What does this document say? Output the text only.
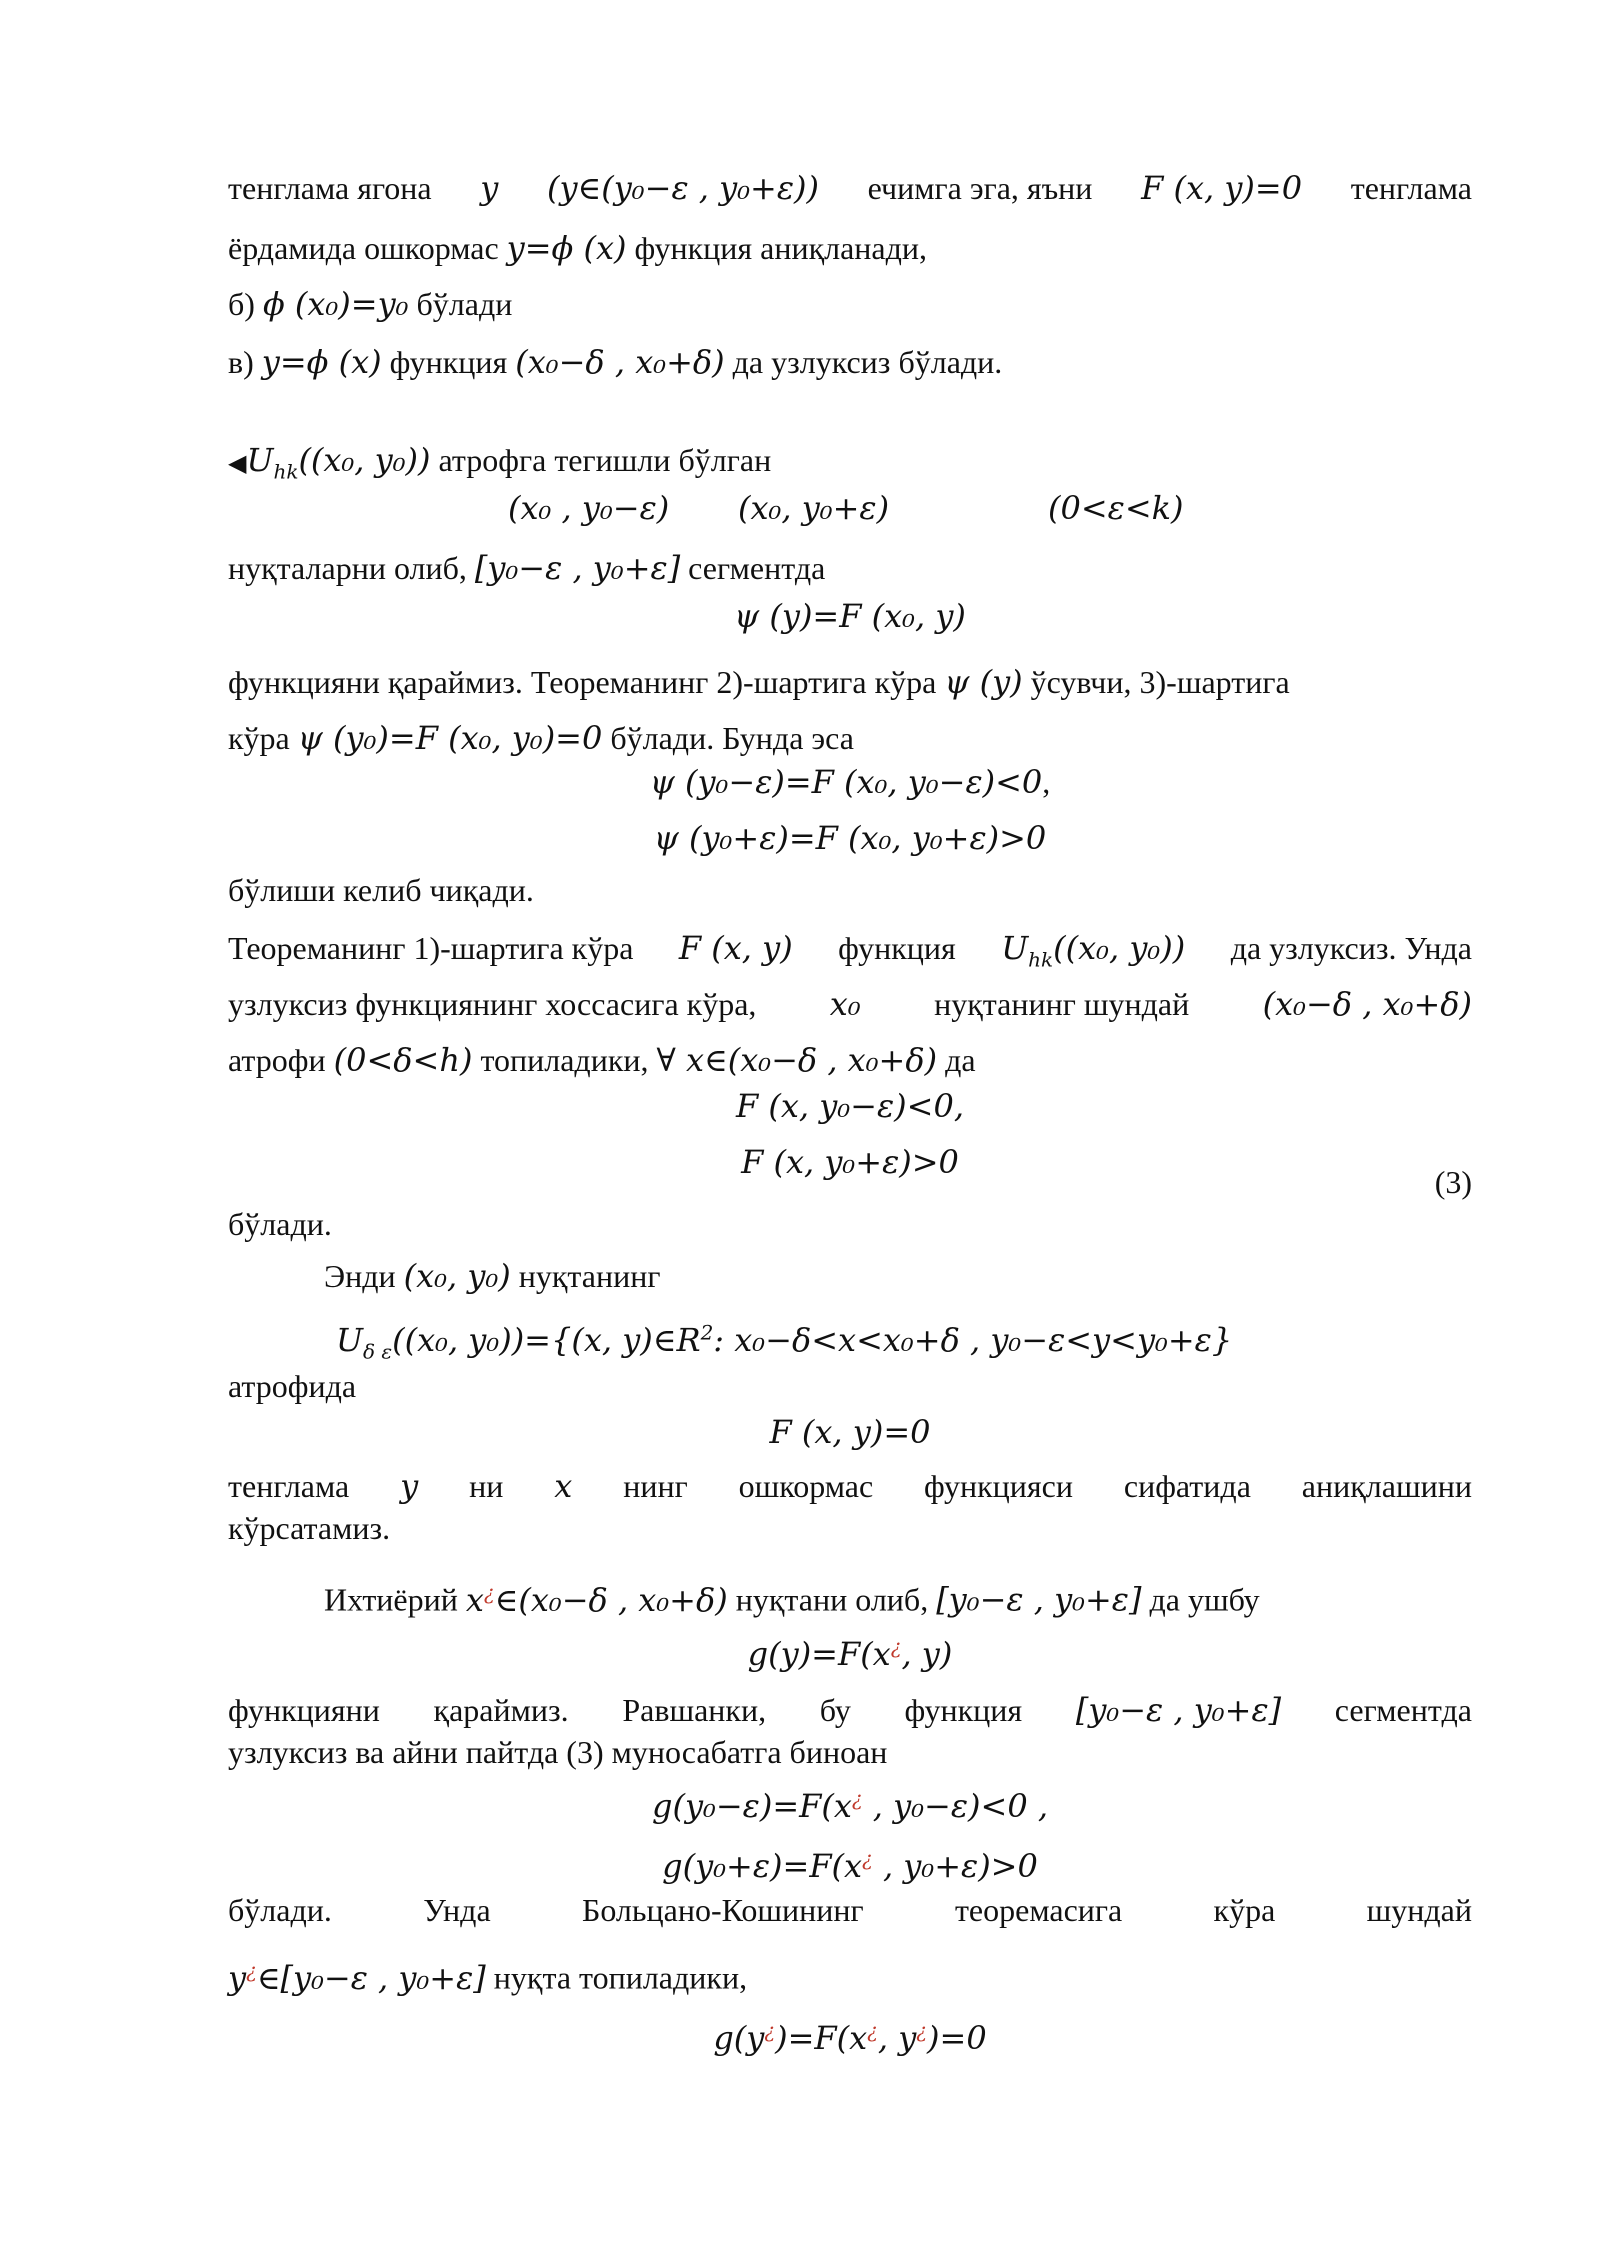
тенглама ягона y (y∈(y₀−ε , y₀+ε)) ечимга эга, яъни F (x, y)=0 тенглама
ёрдамида ошкормас y=ϕ (x) функция аниқланади,
б) ϕ (x₀)=y₀ бўлади
в) y=ϕ (x) функция (x₀−δ , x₀+δ) да узлуксиз бўлади.
$◀U_{hk}((x_0$, y₀)) атрофга тегишли бўлган
(x₀ , y₀−ε) (x₀, y₀+ε)	(0<ε<k)
нуқталарни олиб, [y₀−ε , y₀+ε] сегментда
ψ (y)=F (x₀, y)
функцияни қараймиз. Теореманинг 2)-шартига кўра ψ (y) ўсувчи, 3)-шартига
кўра ψ (y₀)=F (x₀, y₀)=0 бўлади. Бунда эса
ψ (y₀−ε)=F (x₀, y₀−ε)<0,
ψ (y₀+ε)=F (x₀, y₀+ε)>0
бўлиши келиб чиқади.
Теореманинг 1)-шартига кўра F (x, y) функция $U_{hk}((x_0$, y₀)) да узлуксиз. Унда
узлуксиз функциянинг хоссасига кўра, x₀ нуқтанинг шундай (x₀−δ , x₀+δ)
атрофи (0<δ<h) топиладики, ∀ x∈(x₀−δ , x₀+δ) да
F (x, y₀−ε)<0,
F (x, y₀+ε)>0
(3)
бўлади.
Энди (x₀, y₀) нуқтанинг
$U_{\delta \varepsilon}((x_0$, y₀))={(x, $y)\in R^2$: x₀−δ<x<x₀+δ , y₀−ε<y<y₀+ε}
атрофида
F (x, y)=0
тенглама y ни x нинг ошкормас функцияси сифатида аниқлашини
кўрсатамиз.
Ихтиёрий x¿∈(x₀−δ , x₀+δ) нуқтани олиб, [y₀−ε , y₀+ε] да ушбу
g(y)=F(x¿, y)
функцияни қараймиз. Равшанки, бу функция [y₀−ε , y₀+ε] сегментда
узлуксиз ва айни пайтда (3) муносабатга биноан
g(y₀−ε)=F(x¿ , y₀−ε)<0 ,
g(y₀+ε)=F(x¿ , y₀+ε)>0
бўлади.	Унда	Больцано-Кошининг	теоремасига	кўра	шундай
y¿∈[y₀−ε , y₀+ε] нуқта топиладики,
g(y¿)=F(x¿, y¿)=0
